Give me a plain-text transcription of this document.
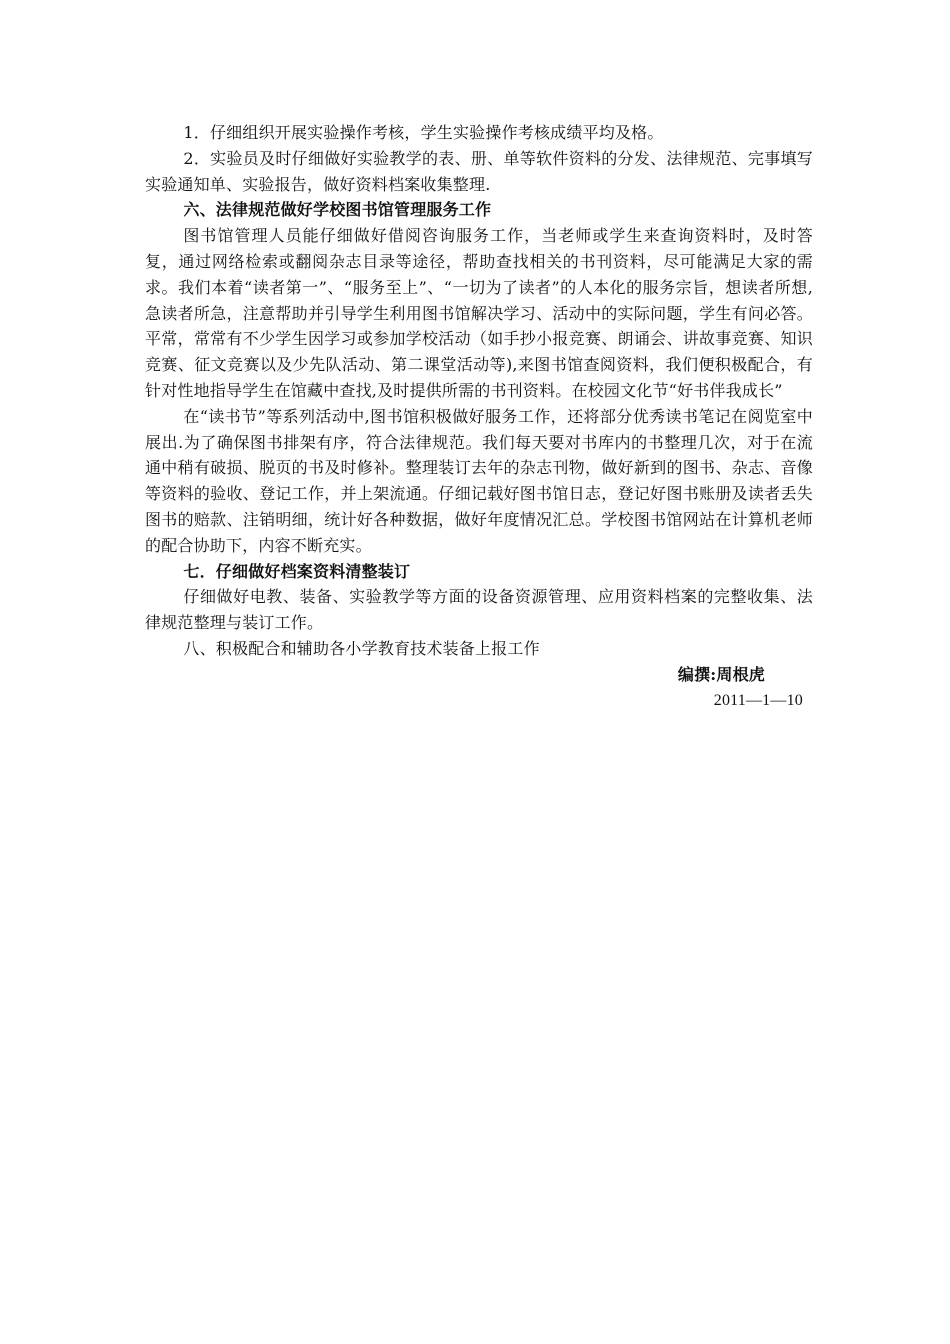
1．仔细组织开展实验操作考核，学生实验操作考核成绩平均及格。

2．实验员及时仔细做好实验教学的表、册、单等软件资料的分发、法律规范、完事填写实验通知单、实验报告，做好资料档案收集整理.

六、法律规范做好学校图书馆管理服务工作

图书馆管理人员能仔细做好借阅咨询服务工作，当老师或学生来查询资料时，及时答复，通过网络检索或翻阅杂志目录等途径，帮助查找相关的书刊资料，尽可能满足大家的需求。我们本着“读者第一”、“服务至上”、“一切为了读者”的人本化的服务宗旨，想读者所想,急读者所急，注意帮助并引导学生利用图书馆解决学习、活动中的实际问题，学生有问必答。平常，常常有不少学生因学习或参加学校活动（如手抄小报竞赛、朗诵会、讲故事竞赛、知识竞赛、征文竞赛以及少先队活动、第二课堂活动等),来图书馆查阅资料，我们便积极配合，有针对性地指导学生在馆藏中查找,及时提供所需的书刊资料。在校园文化节“好书伴我成长”

在“读书节”等系列活动中,图书馆积极做好服务工作，还将部分优秀读书笔记在阅览室中展出.为了确保图书排架有序，符合法律规范。我们每天要对书库内的书整理几次，对于在流通中稍有破损、脱页的书及时修补。整理装订去年的杂志刊物，做好新到的图书、杂志、音像等资料的验收、登记工作，并上架流通。仔细记载好图书馆日志，登记好图书账册及读者丢失图书的赔款、注销明细，统计好各种数据，做好年度情况汇总。学校图书馆网站在计算机老师的配合协助下，内容不断充实。

七．仔细做好档案资料清整装订

仔细做好电教、装备、实验教学等方面的设备资源管理、应用资料档案的完整收集、法律规范整理与装订工作。

八、积极配合和辅助各小学教育技术装备上报工作

编撰:周根虎

2011—1—10
